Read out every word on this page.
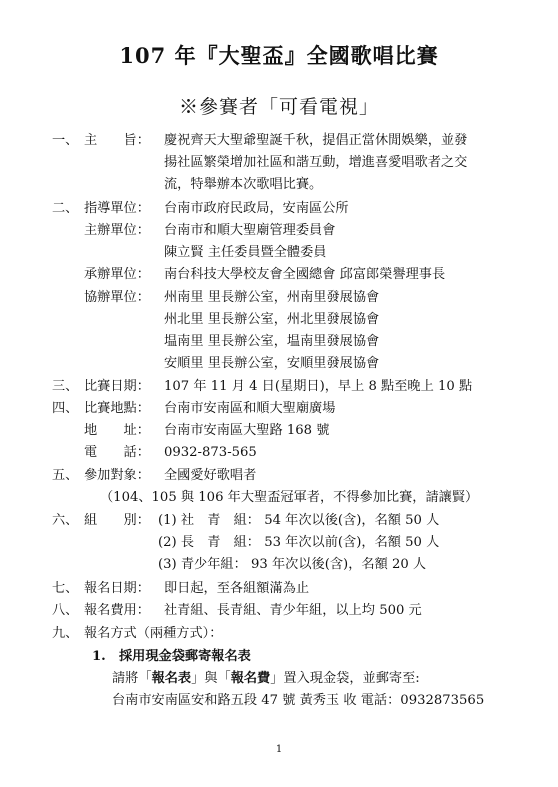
107 年『大聖盃』全國歌唱比賽
※參賽者「可看電視」
一、 主　　旨： 慶祝齊天大聖爺聖誕千秋，提倡正當休閒娛樂，並發
揚社區繁榮增加社區和諧互動，增進喜愛唱歌者之交
流，特舉辦本次歌唱比賽。
二、 指導單位： 台南市政府民政局，安南區公所
主辦單位： 台南市和順大聖廟管理委員會
陳立賢 主任委員暨全體委員
承辦單位： 南台科技大學校友會全國總會 邱富郎榮譽理事長
協辦單位： 州南里 里長辦公室，州南里發展協會
州北里 里長辦公室，州北里發展協會
塭南里 里長辦公室，塭南里發展協會
安順里 里長辦公室，安順里發展協會
三、 比賽日期： 107 年 11 月 4 日(星期日)，早上 8 點至晚上 10 點
四、 比賽地點： 台南市安南區和順大聖廟廣場
地　　址： 台南市安南區大聖路 168 號
電　　話： 0932-873-565
五、 參加對象： 全國愛好歌唱者
（104、105 與 106 年大聖盃冠軍者，不得參加比賽，請讓賢）
六、 組　　別： (1) 社　青　組： 54 年次以後(含)，名額 50 人
(2) 長　青　組： 53 年次以前(含)，名額 50 人
(3) 青少年組： 93 年次以後(含)，名額 20 人
七、 報名日期： 即日起，至各組額滿為止
八、 報名費用： 社青組、長青組、青少年組，以上均 500 元
九、 報名方式（兩種方式）：
1.　採用現金袋郵寄報名表
請將「報名表」與「報名費」置入現金袋，並郵寄至:
台南市安南區安和路五段 47 號 黃秀玉 收 電話：0932873565
1
